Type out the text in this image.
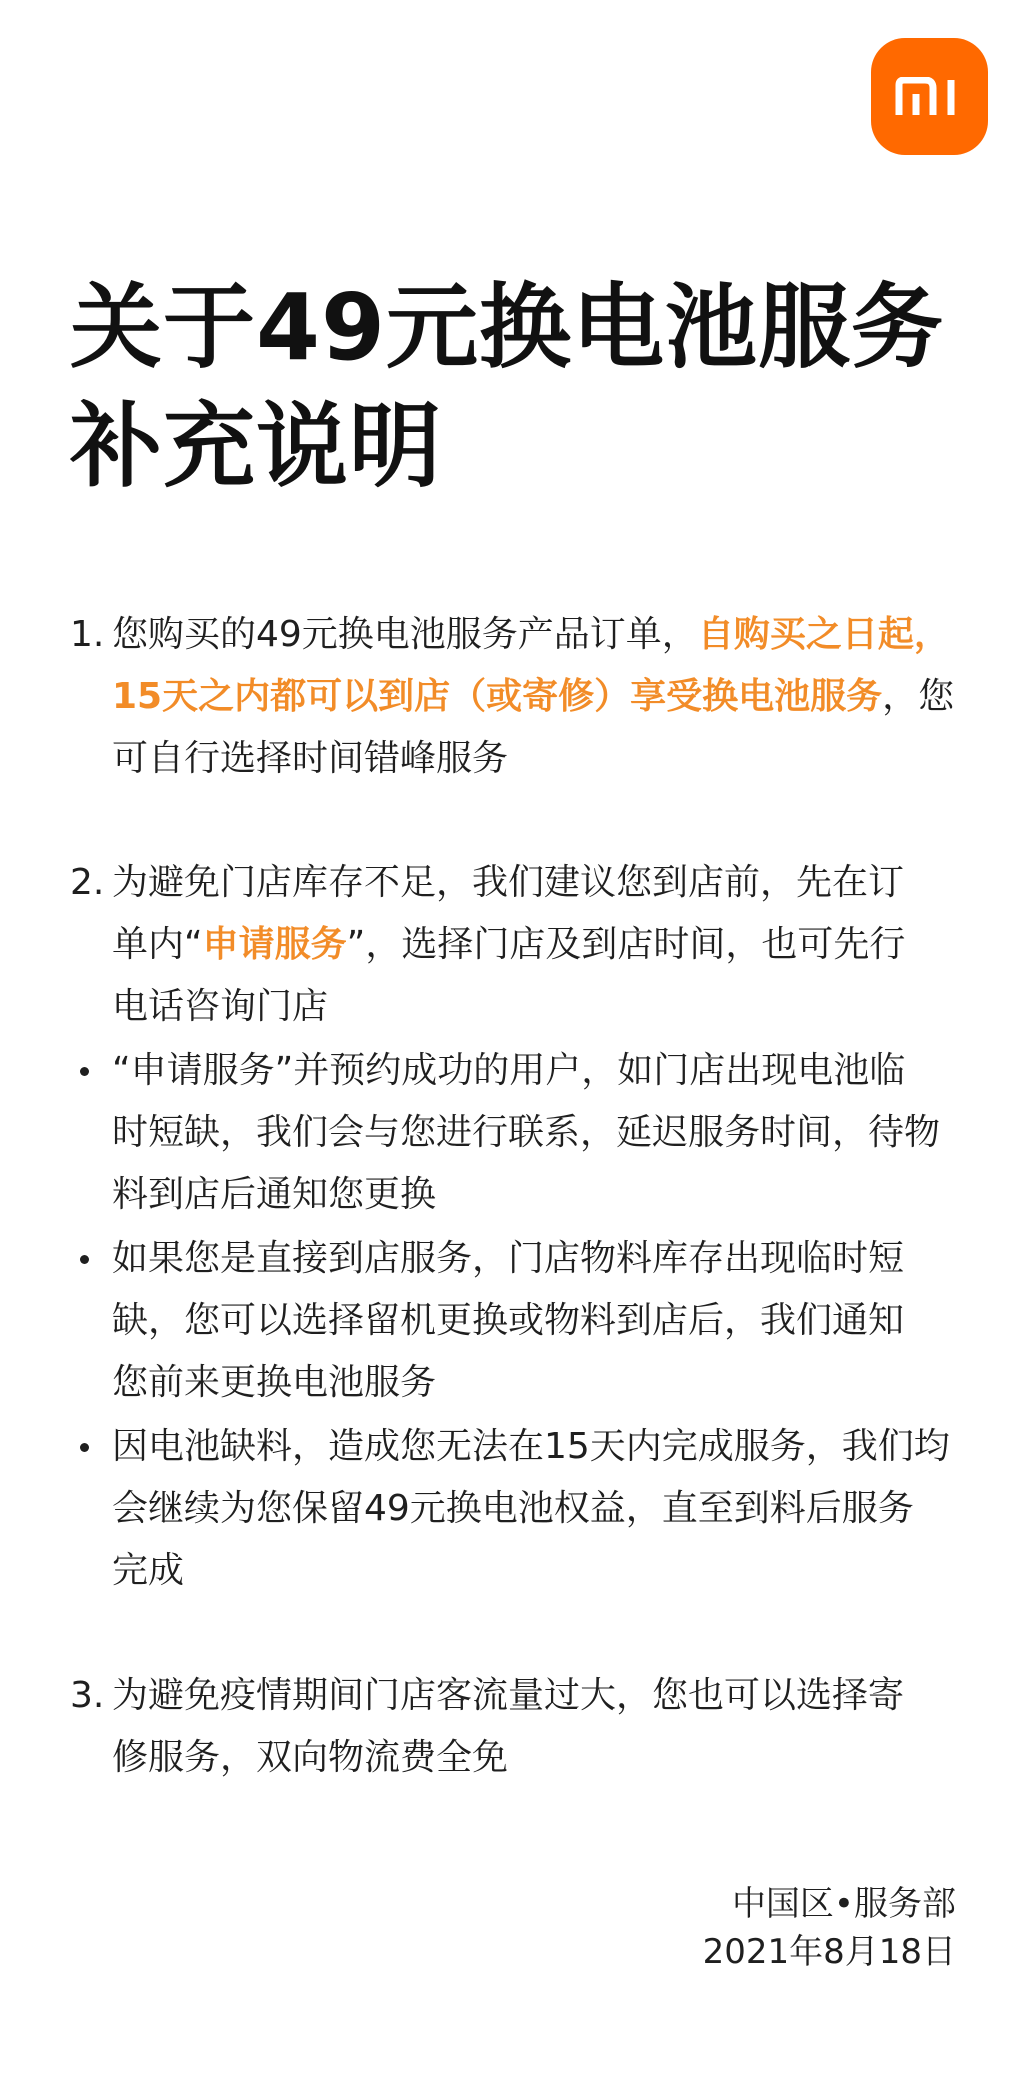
关于49元换电池服务
补充说明
1. 您购买的49元换电池服务产品订单，自购买之日起，
15天之内都可以到店（或寄修）享受换电池服务，您
可自行选择时间错峰服务
2. 为避免门店库存不足，我们建议您到店前，先在订
单内“申请服务”，选择门店及到店时间，也可先行
电话咨询门店
“申请服务”并预约成功的用户，如门店出现电池临
时短缺，我们会与您进行联系，延迟服务时间，待物
料到店后通知您更换
如果您是直接到店服务，门店物料库存出现临时短
缺，您可以选择留机更换或物料到店后，我们通知
您前来更换电池服务
因电池缺料，造成您无法在15天内完成服务，我们均
会继续为您保留49元换电池权益，直至到料后服务
完成
3. 为避免疫情期间门店客流量过大，您也可以选择寄
修服务，双向物流费全免
中国区•服务部
2021年8月18日
